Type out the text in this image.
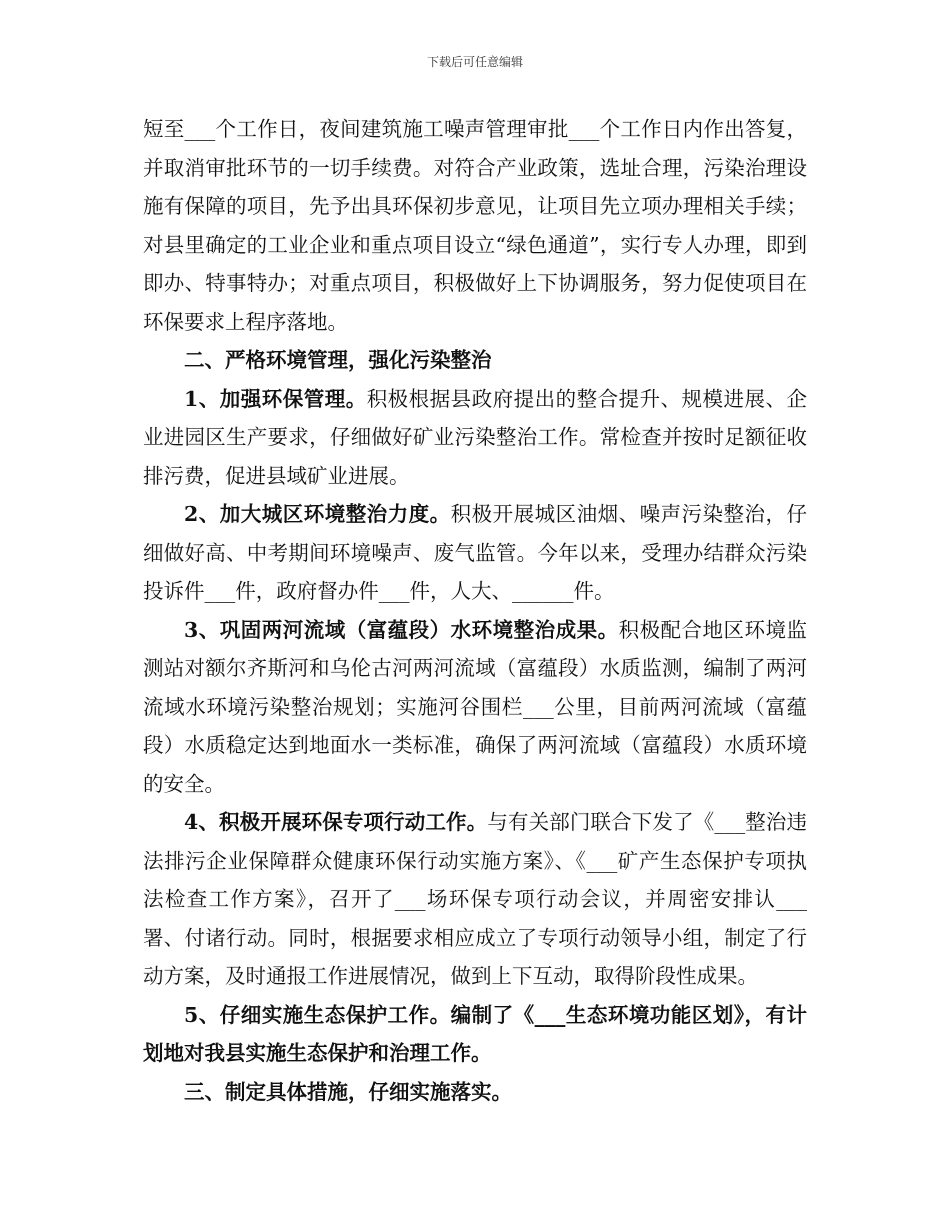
下载后可任意编辑

短至___个工作日，夜间建筑施工噪声管理审批___个工作日内作出答复，并取消审批环节的一切手续费。对符合产业政策，选址合理，污染治理设施有保障的项目，先予出具环保初步意见，让项目先立项办理相关手续；对县里确定的工业企业和重点项目设立“绿色通道”，实行专人办理，即到即办、特事特办；对重点项目，积极做好上下协调服务，努力促使项目在环保要求上程序落地。

二、严格环境管理，强化污染整治

1、加强环保管理。积极根据县政府提出的整合提升、规模进展、企业进园区生产要求，仔细做好矿业污染整治工作。常检查并按时足额征收排污费，促进县域矿业进展。

2、加大城区环境整治力度。积极开展城区油烟、噪声污染整治，仔细做好高、中考期间环境噪声、废气监管。今年以来，受理办结群众污染投诉件___件，政府督办件___件，人大、______件。

3、巩固两河流域（富蕴段）水环境整治成果。积极配合地区环境监测站对额尔齐斯河和乌伦古河两河流域（富蕴段）水质监测，编制了两河流域水环境污染整治规划；实施河谷围栏___公里，目前两河流域（富蕴段）水质稳定达到地面水一类标准，确保了两河流域（富蕴段）水质环境的安全。

4、积极开展环保专项行动工作。与有关部门联合下发了《___整治违法排污企业保障群众健康环保行动实施方案》、《___矿产生态保护专项执法检查工作方案》，召开了___场环保专项行动会议，并周密安排认___署、付诸行动。同时，根据要求相应成立了专项行动领导小组，制定了行动方案，及时通报工作进展情况，做到上下互动，取得阶段性成果。

5、仔细实施生态保护工作。编制了《___生态环境功能区划》，有计划地对我县实施生态保护和治理工作。

三、制定具体措施，仔细实施落实。
